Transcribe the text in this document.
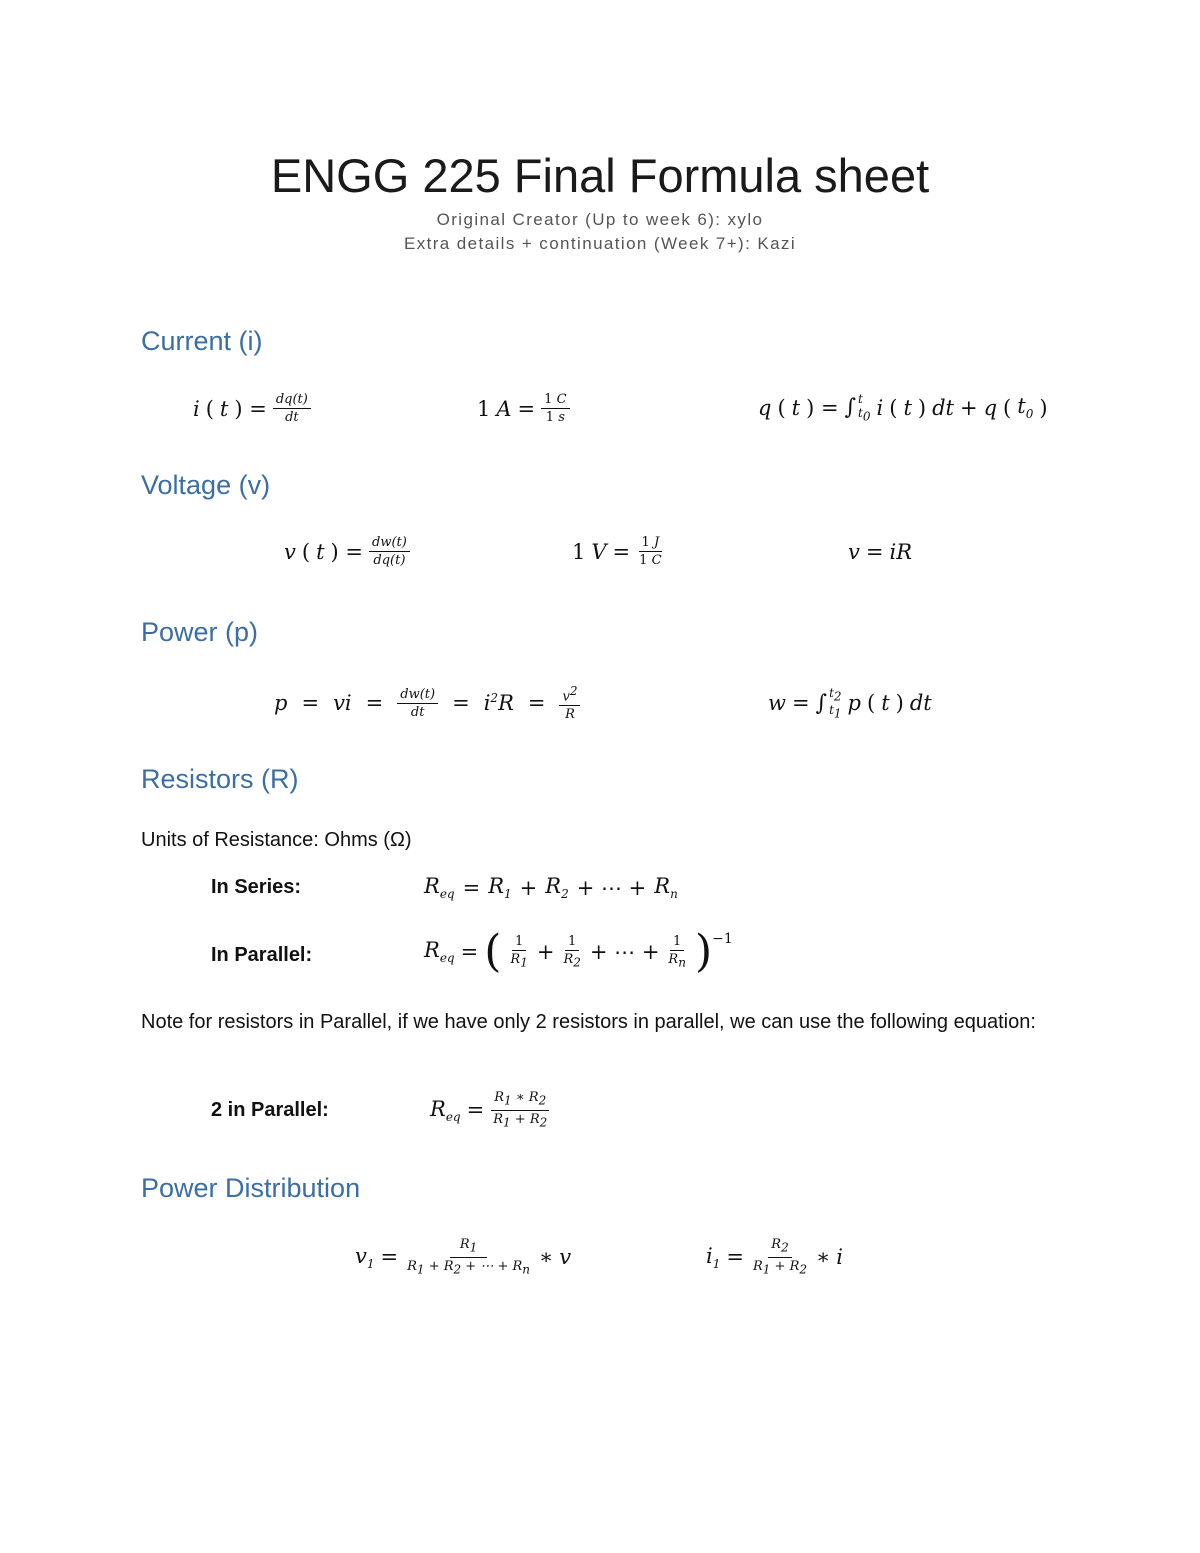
ENGG 225 Final Formula sheet
Original Creator (Up to week 6): xylo
Extra details + continuation (Week 7+): Kazi
Current (i)
i ( t ) = $\frac{dq(t)}{dt}$	1 $A = \frac{1 C}{1 s}$	q ( t ) = ∫ t
$t_0$ i ( t ) dt + q ( $t_0$ )
Voltage (v)
v ( t ) = $\frac{dw(t)}{dq(t)}$	1 $V = \frac{1 J}{1 C}$	v = iR
Power (p)
p = vi = $\frac{dw(t)}{dt} = i^2R = \frac{v^2}{R}$	w = ∫ $t_2$
$t_1$ p ( t ) dt
Resistors (R)
Units of Resistance: Ohms (Ω)
In Series:	$R_{eq} = R_1 + R_2$ + ⋯ + $R_n$
In Parallel:	$R_{eq}$ = ( $\frac{1}{R_1} + \frac{1}{R_2}$ + ⋯ + $\frac{1}{R_n}$ ) −1
Note for resistors in Parallel, if we have only 2 resistors in parallel, we can use the following equation:
2 in Parallel:	$R_{eq} = \frac{R_1 ∗ R_2}{R_1 + R_2}$
Power Distribution
$v_1 = \frac{R_1}{R_1 + R_2 + \cdots + R_n}$ ∗ v	$i_1 = \frac{R_2}{R_1 + R_2}$ ∗ i
